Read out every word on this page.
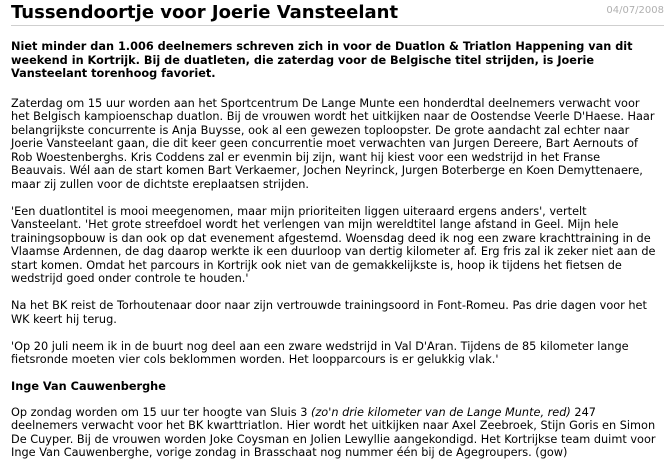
Tussendoortje voor Joerie Vansteelant	04/07/2008

Niet minder dan 1.006 deelnemers schreven zich in voor de Duatlon & Triatlon Happening van dit weekend in Kortrijk. Bij de duatleten, die zaterdag voor de Belgische titel strijden, is Joerie Vansteelant torenhoog favoriet.

Zaterdag om 15 uur worden aan het Sportcentrum De Lange Munte een honderdtal deelnemers verwacht voor het Belgisch kampioenschap duatlon. Bij de vrouwen wordt het uitkijken naar de Oostendse Veerle D'Haese. Haar belangrijkste concurrente is Anja Buysse, ook al een gewezen toploopster. De grote aandacht zal echter naar Joerie Vansteelant gaan, die dit keer geen concurrentie moet verwachten van Jurgen Dereere, Bart Aernouts of Rob Woestenberghs. Kris Coddens zal er evenmin bij zijn, want hij kiest voor een wedstrijd in het Franse Beauvais. Wél aan de start komen Bart Verkaemer, Jochen Neyrinck, Jurgen Boterberge en Koen Demyttenaere, maar zij zullen voor de dichtste ereplaatsen strijden.

'Een duatlontitel is mooi meegenomen, maar mijn prioriteiten liggen uiteraard ergens anders', vertelt Vansteelant. 'Het grote streefdoel wordt het verlengen van mijn wereldtitel lange afstand in Geel. Mijn hele trainingsopbouw is dan ook op dat evenement afgestemd. Woensdag deed ik nog een zware krachttraining in de Vlaamse Ardennen, de dag daarop werkte ik een duurloop van dertig kilometer af. Erg fris zal ik zeker niet aan de start komen. Omdat het parcours in Kortrijk ook niet van de gemakkelijkste is, hoop ik tijdens het fietsen de wedstrijd goed onder controle te houden.'

Na het BK reist de Torhoutenaar door naar zijn vertrouwde trainingsoord in Font-Romeu. Pas drie dagen voor het WK keert hij terug.

'Op 20 juli neem ik in de buurt nog deel aan een zware wedstrijd in Val D'Aran. Tijdens de 85 kilometer lange fietsronde moeten vier cols beklommen worden. Het loopparcours is er gelukkig vlak.'

Inge Van Cauwenberghe

Op zondag worden om 15 uur ter hoogte van Sluis 3 (zo'n drie kilometer van de Lange Munte, red) 247 deelnemers verwacht voor het BK kwarttriatlon. Hier wordt het uitkijken naar Axel Zeebroek, Stijn Goris en Simon De Cuyper. Bij de vrouwen worden Joke Coysman en Jolien Lewyllie aangekondigd. Het Kortrijkse team duimt voor Inge Van Cauwenberghe, vorige zondag in Brasschaat nog nummer één bij de Agegroupers. (gow)
